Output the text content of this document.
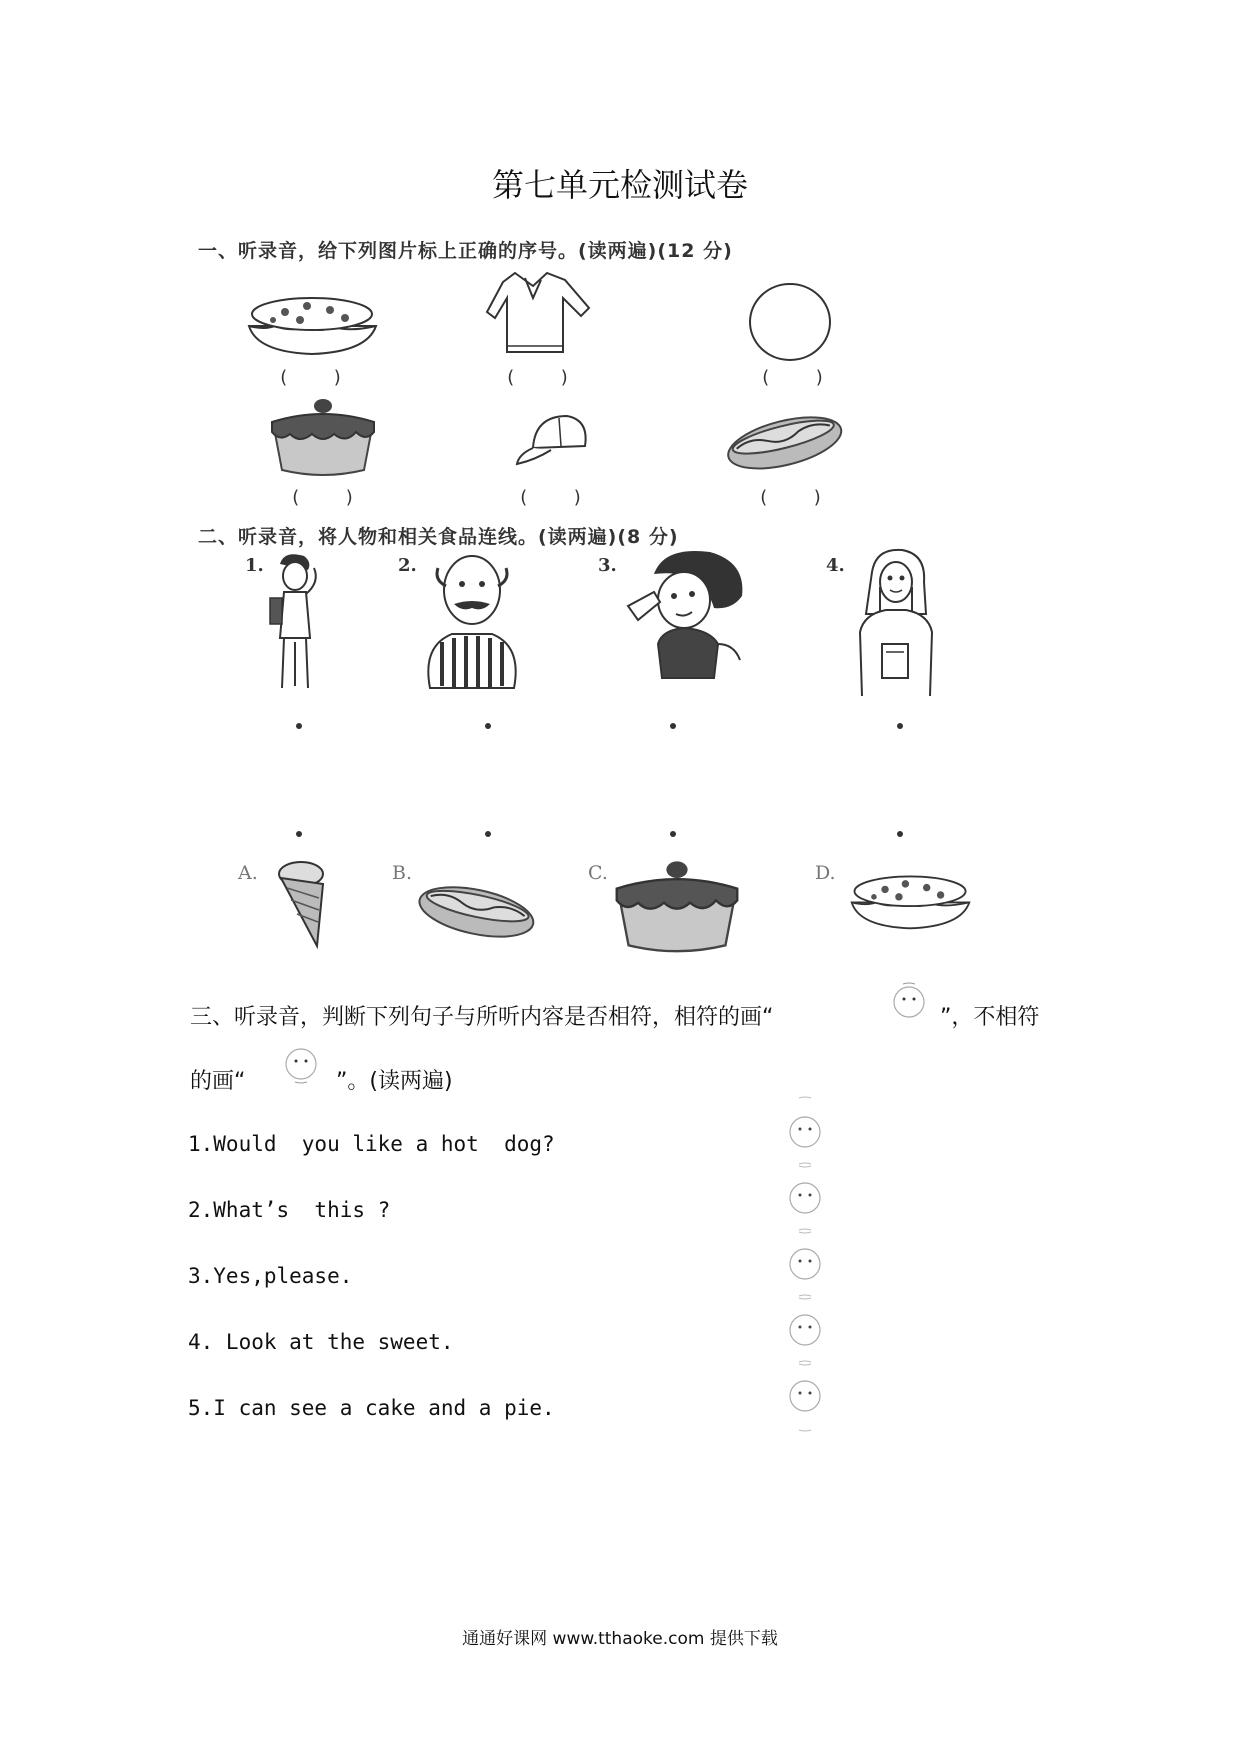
第七单元检测试卷
一、听录音，给下列图片标上正确的序号。(读两遍)(12 分)
(    )	(    )	(    )
(    )	(    )	(    )
二、听录音，将人物和相关食品连线。(读两遍)(8 分)
1.	2.	3.	4.
A.	B.	C.	D.
三、听录音，判断下列句子与所听内容是否相符，相符的画“	”，不相符
的画“	”。(读两遍)
1.Would  you like a hot  dog?
2.What’s  this ?
3.Yes,please.
4. Look at the sweet.
5.I can see a cake and a pie.
通通好课网 www.tthaoke.com 提供下载
